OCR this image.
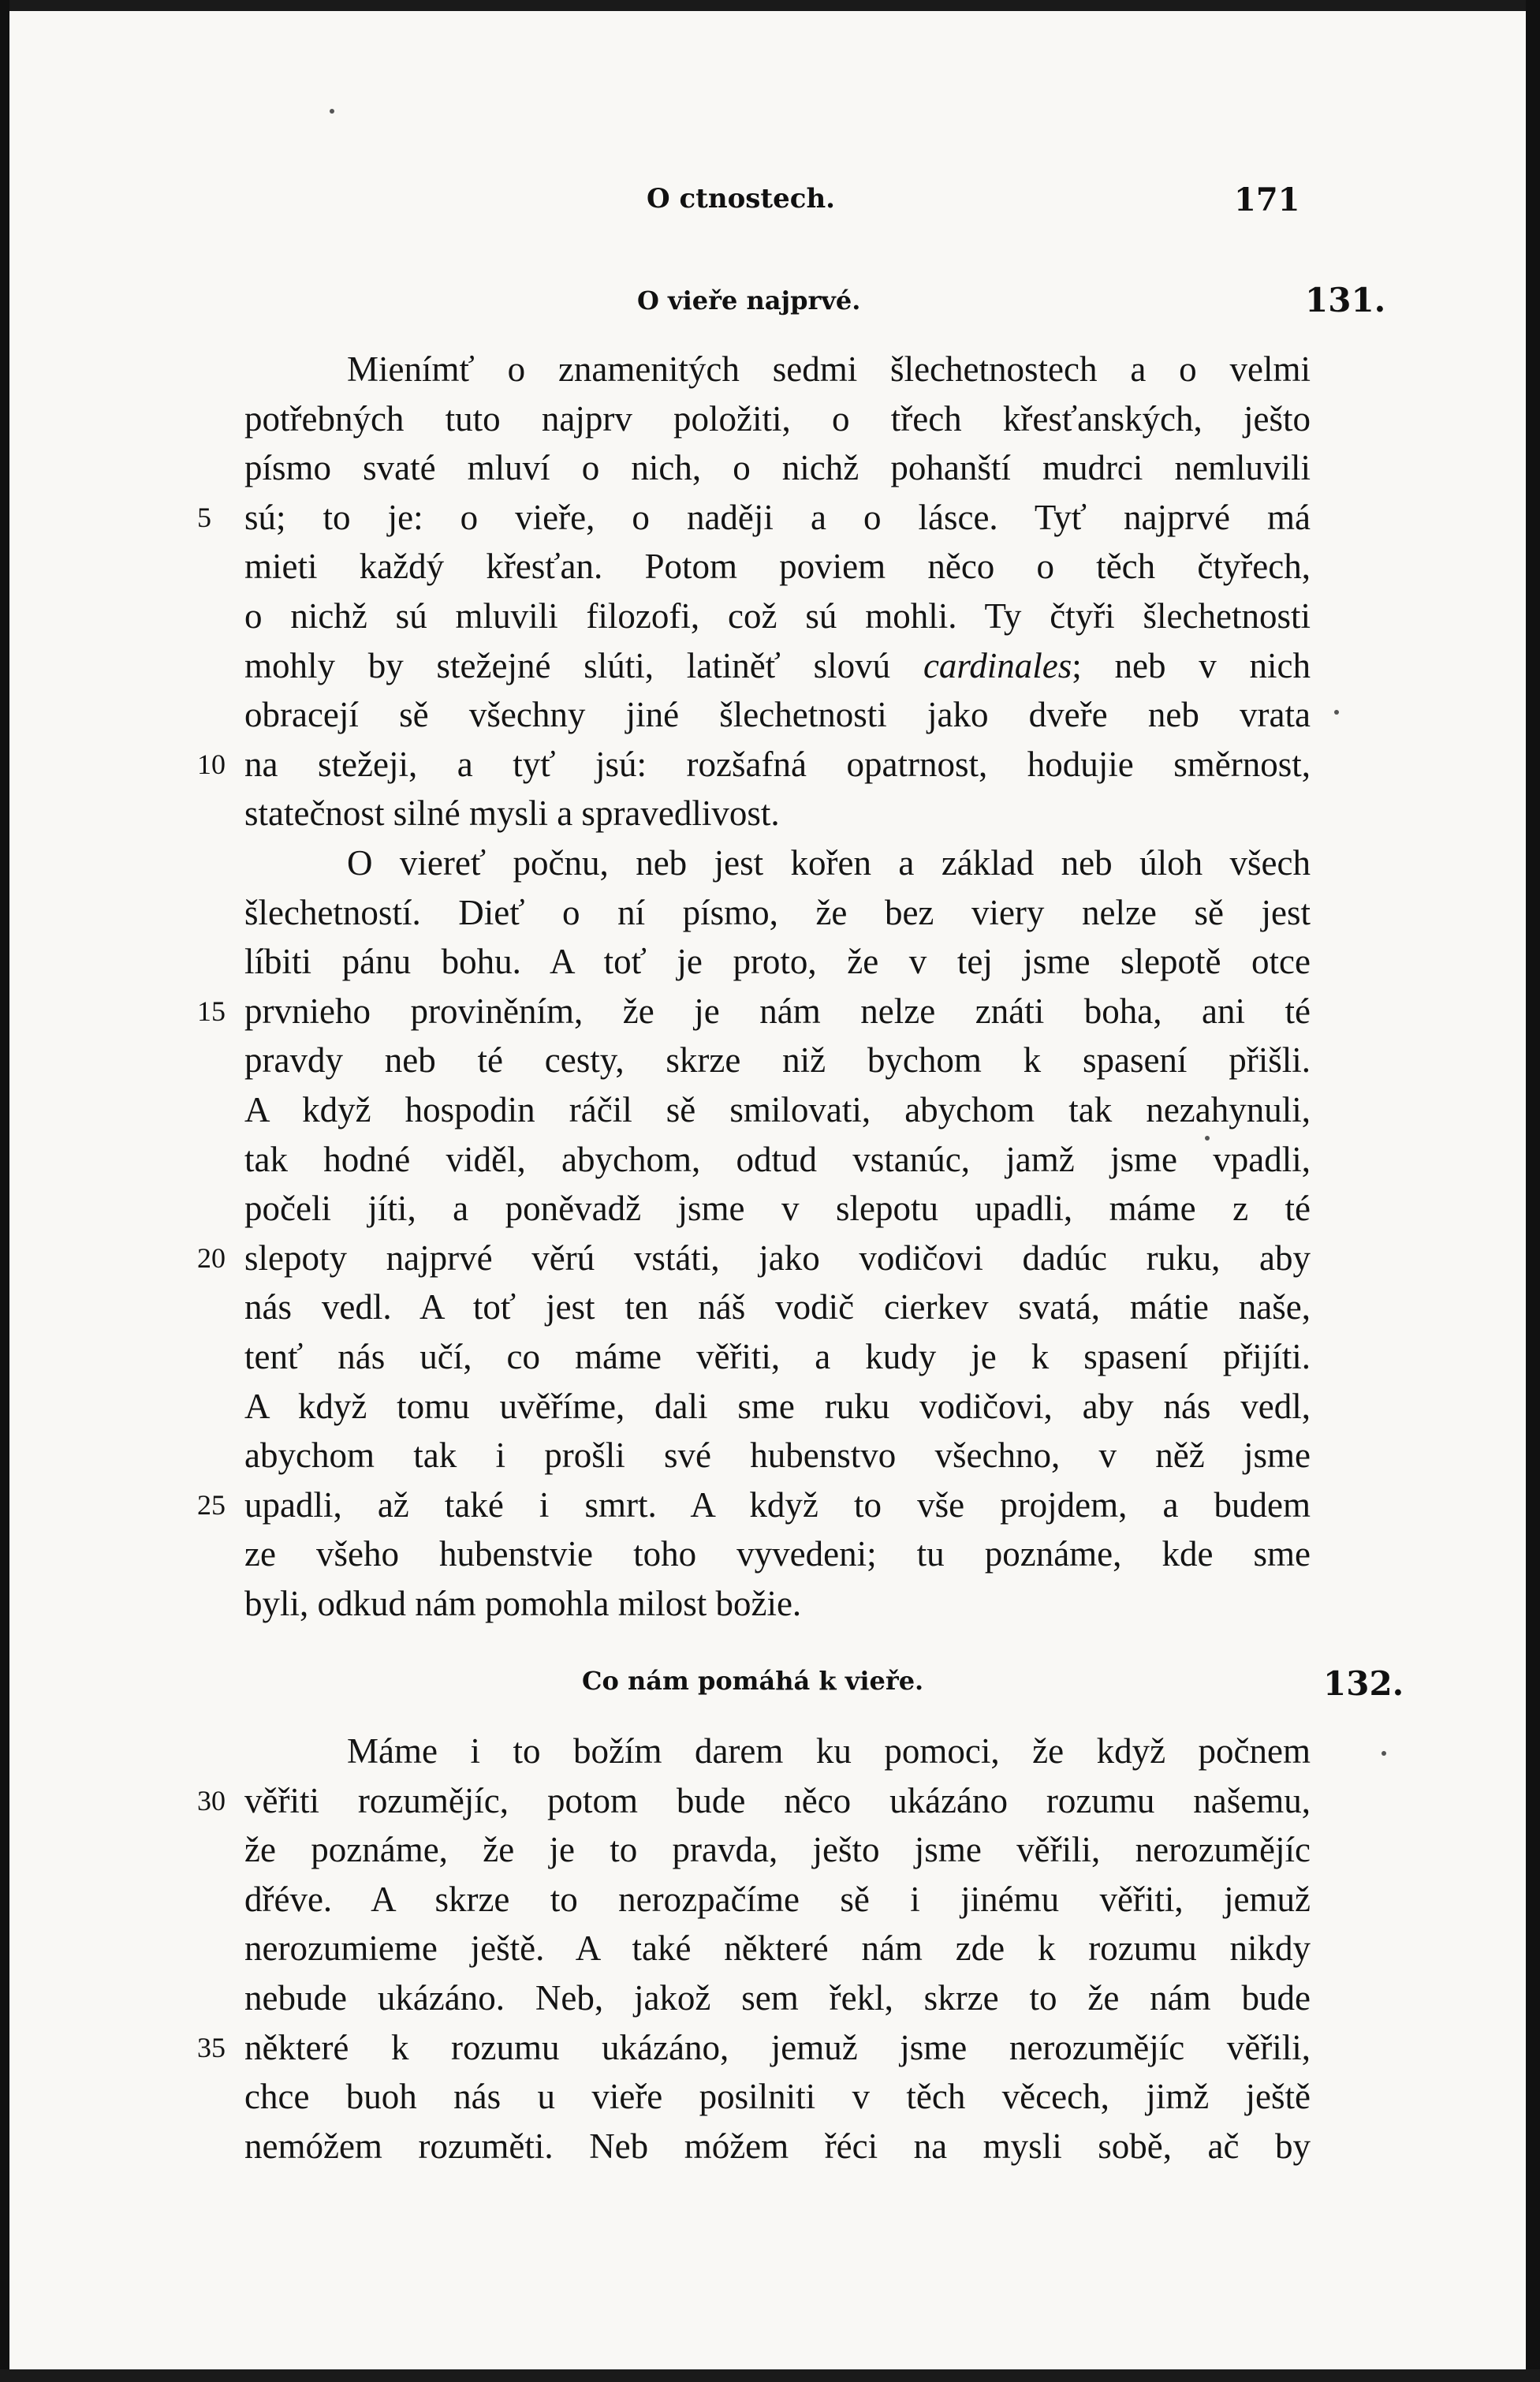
O ctnostech.	171
O vieře najprvé.	131.
Mienímť o znamenitých sedmi šlechetnostech a o velmi
potřebných tuto najprv položiti, o třech křesťanských, ješto
písmo svaté mluví o nich, o nichž pohanští mudrci nemluvili
sú; to je: o vieře, o naději a o lásce. Tyť najprvé má
5
mieti každý křesťan. Potom poviem něco o těch čtyřech,
o nichž sú mluvili filozofi, což sú mohli. Ty čtyři šlechetnosti
mohly by stežejné slúti, latiněť slovú cardinales; neb v nich
obracejí sě všechny jiné šlechetnosti jako dveře neb vrata
na stežeji, a tyť jsú: rozšafná opatrnost, hodujie směrnost,
10
statečnost silné mysli a spravedlivost.
O viereť počnu, neb jest kořen a základ neb úloh všech
šlechetností. Dieť o ní písmo, že bez viery nelze sě jest
líbiti pánu bohu. A toť je proto, že v tej jsme slepotě otce
prvnieho proviněním, že je nám nelze znáti boha, ani té
15
pravdy neb té cesty, skrze niž bychom k spasení přišli.
A když hospodin ráčil sě smilovati, abychom tak nezahynuli,
tak hodné viděl, abychom, odtud vstanúc, jamž jsme vpadli,
počeli jíti, a poněvadž jsme v slepotu upadli, máme z té
slepoty najprvé věrú vstáti, jako vodičovi dadúc ruku, aby
20
nás vedl. A toť jest ten náš vodič cierkev svatá, mátie naše,
tenť nás učí, co máme věřiti, a kudy je k spasení přijíti.
A když tomu uvěříme, dali sme ruku vodičovi, aby nás vedl,
abychom tak i prošli své hubenstvo všechno, v něž jsme
upadli, až také i smrt. A když to vše projdem, a budem
25
ze všeho hubenstvie toho vyvedeni; tu poznáme, kde sme
byli, odkud nám pomohla milost božie.
Co nám pomáhá k vieře.	132.
Máme i to božím darem ku pomoci, že když počnem
věřiti rozumějíc, potom bude něco ukázáno rozumu našemu,
30
že poznáme, že je to pravda, ješto jsme věřili, nerozumějíc
dřéve. A skrze to nerozpačíme sě i jinému věřiti, jemuž
nerozumieme ještě. A také některé nám zde k rozumu nikdy
nebude ukázáno. Neb, jakož sem řekl, skrze to že nám bude
některé k rozumu ukázáno, jemuž jsme nerozumějíc věřili,
35
chce buoh nás u vieře posilniti v těch věcech, jimž ještě
nemóžem rozuměti. Neb móžem řéci na mysli sobě, ač by
